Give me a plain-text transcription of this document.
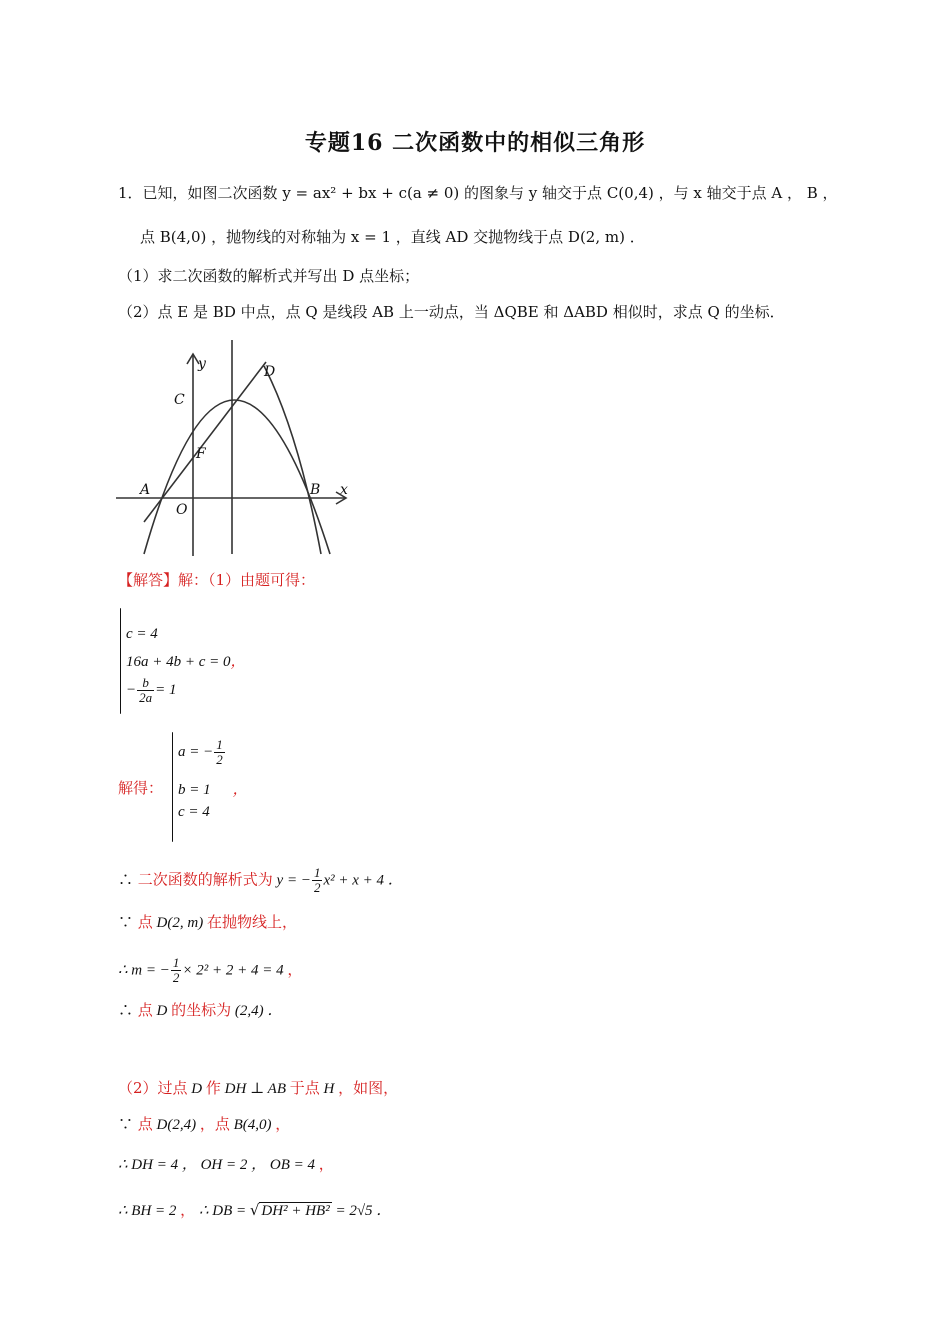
专题16 二次函数中的相似三角形
1．已知，如图二次函数 y = ax² + bx + c(a ≠ 0) 的图象与 y 轴交于点 C(0,4) ，与 x 轴交于点 A ， B ，
点 B(4,0) ，抛物线的对称轴为 x = 1 ，直线 AD 交抛物线于点 D(2, m) ．
（1）求二次函数的解析式并写出 D 点坐标；
（2）点 E 是 BD 中点，点 Q 是线段 AB 上一动点，当 ΔQBE 和 ΔABD 相似时，求点 Q 的坐标．
y
x
C
D
F
A
O
B
【解答】解：（1）由题可得：
c = 4
16a + 4b + c = 0，
− $\frac{b}{2a} = 1$
解得：
a = − $\frac{1}{2}$
b = 1 ，
c = 4
∴ 二次函数的解析式为 y = − $\frac{1}{2} x^2 + x + 4$ ．
∵ 点 D(2, m) 在抛物线上，
∴ m = − $\frac{1}{2} \times 2^2 + 2 + 4 = 4$ ，
∴ 点 D 的坐标为 (2,4) ．
（2）过点 D 作 DH ⊥ AB 于点 H ，如图，
∵ 点 D(2,4) ，点 B(4,0) ，
∴ DH = 4 ， OH = 2 ， OB = 4 ，
∴ BH = 2 ， ∴ DB = √ DH² + HB² = 2√5 ．
